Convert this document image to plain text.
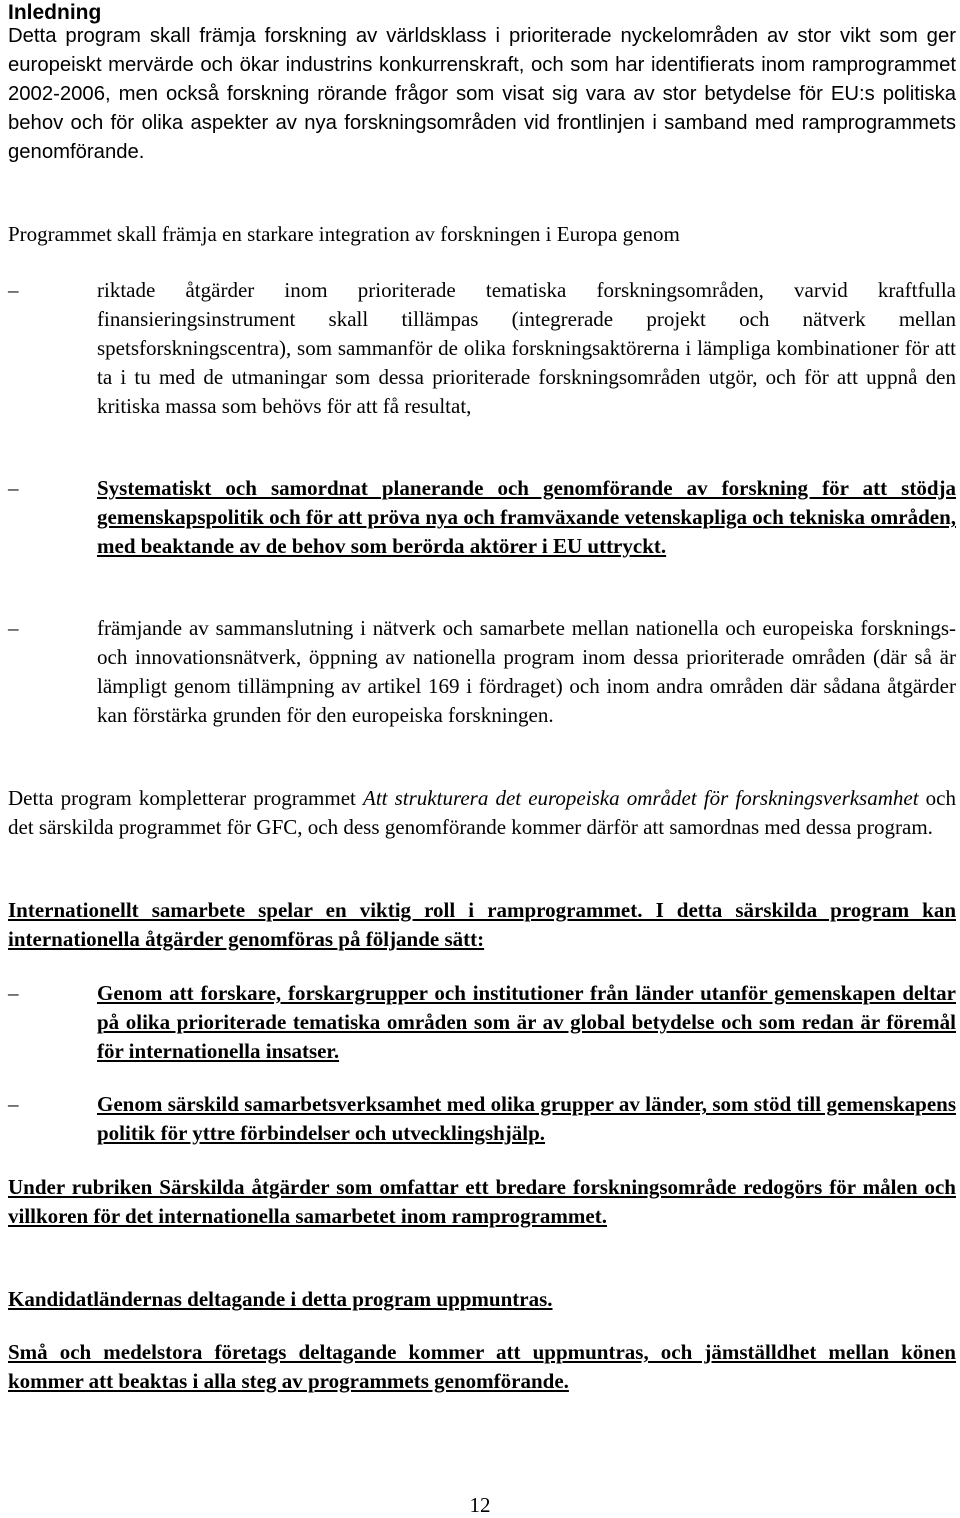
Inledning
Detta program skall främja forskning av världsklass i prioriterade nyckelområden av stor vikt som ger europeiskt mervärde och ökar industrins konkurrenskraft, och som har identifierats inom ramprogrammet 2002-2006, men också forskning rörande frågor som visat sig vara av stor betydelse för EU:s politiska behov och för olika aspekter av nya forskningsområden vid frontlinjen i samband med ramprogrammets genomförande.
Programmet skall främja en starkare integration av forskningen i Europa genom
–	riktade åtgärder inom prioriterade tematiska forskningsområden, varvid kraftfulla finansieringsinstrument skall tillämpas (integrerade projekt och nätverk mellan spetsforskningscentra), som sammanför de olika forskningsaktörerna i lämpliga kombinationer för att ta i tu med de utmaningar som dessa prioriterade forskningsområden utgör, och för att uppnå den kritiska massa som behövs för att få resultat,
–	Systematiskt och samordnat planerande och genomförande av forskning för att stödja gemenskapspolitik och för att pröva nya och framväxande vetenskapliga och tekniska områden, med beaktande av de behov som berörda aktörer i EU uttryckt.
–	främjande av sammanslutning i nätverk och samarbete mellan nationella och europeiska forsknings- och innovationsnätverk, öppning av nationella program inom dessa prioriterade områden (där så är lämpligt genom tillämpning av artikel 169 i fördraget) och inom andra områden där sådana åtgärder kan förstärka grunden för den europeiska forskningen.
Detta program kompletterar programmet Att strukturera det europeiska området för forskningsverksamhet och det särskilda programmet för GFC, och dess genomförande kommer därför att samordnas med dessa program.
Internationellt samarbete spelar en viktig roll i ramprogrammet. I detta särskilda program kan internationella åtgärder genomföras på följande sätt:
–	Genom att forskare, forskargrupper och institutioner från länder utanför gemenskapen deltar på olika prioriterade tematiska områden som är av global betydelse och som redan är föremål för internationella insatser.
–	Genom särskild samarbetsverksamhet med olika grupper av länder, som stöd till gemenskapens politik för yttre förbindelser och utvecklingshjälp.
Under rubriken Särskilda åtgärder som omfattar ett bredare forskningsområde redogörs för målen och villkoren för det internationella samarbetet inom ramprogrammet.
Kandidatländernas deltagande i detta program uppmuntras.
Små och medelstora företags deltagande kommer att uppmuntras, och jämställdhet mellan könen kommer att beaktas i alla steg av programmets genomförande.
12
